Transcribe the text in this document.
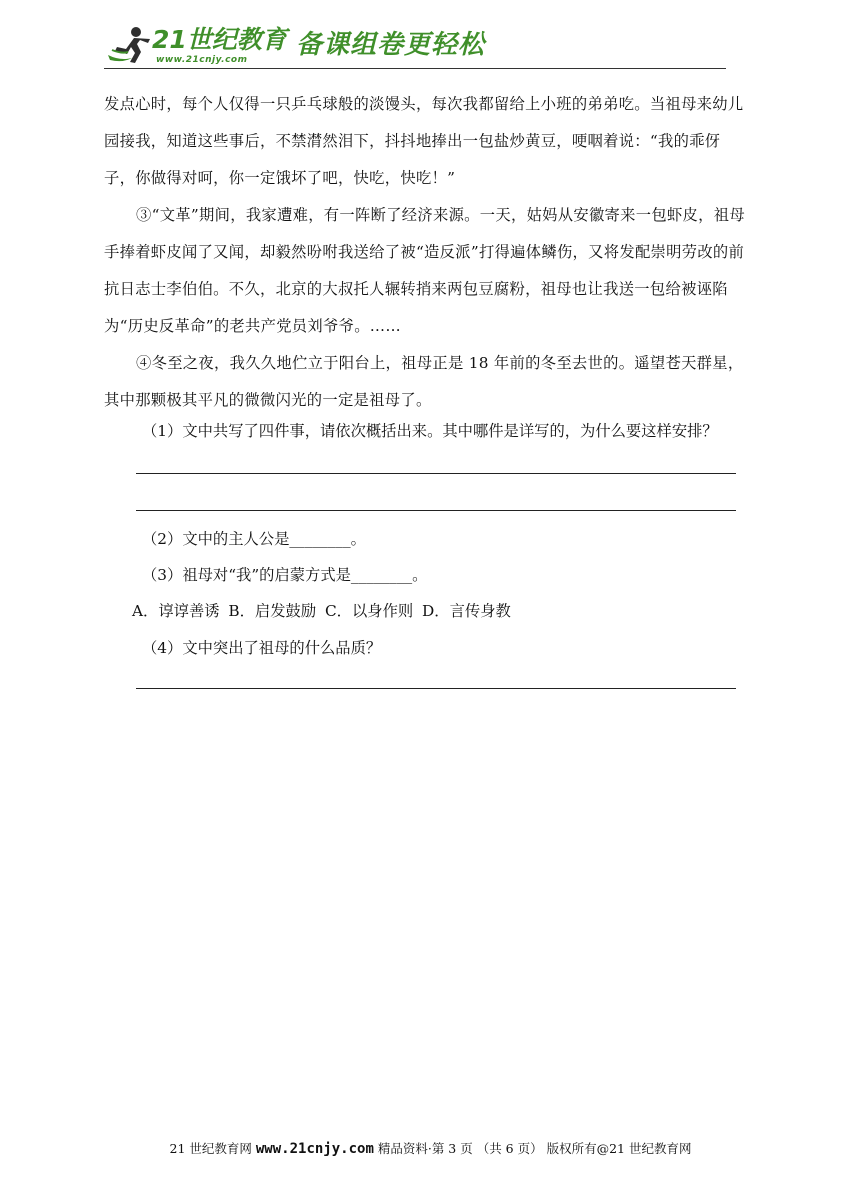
21世纪教育
www.21cnjy.com 备课组卷更轻松

发点心时，每个人仅得一只乒乓球般的淡馒头，每次我都留给上小班的弟弟吃。当祖母来幼儿园接我，知道这些事后，不禁潸然泪下，抖抖地捧出一包盐炒黄豆，哽咽着说：“我的乖伢子，你做得对呵，你一定饿坏了吧，快吃，快吃！”

③“文革”期间，我家遭难，有一阵断了经济来源。一天，姑妈从安徽寄来一包虾皮，祖母手捧着虾皮闻了又闻，却毅然吩咐我送给了被“造反派”打得遍体鳞伤，又将发配崇明劳改的前抗日志士李伯伯。不久，北京的大叔托人辗转捎来两包豆腐粉，祖母也让我送一包给被诬陷为“历史反革命”的老共产党员刘爷爷。……

④冬至之夜，我久久地伫立于阳台上，祖母正是 18 年前的冬至去世的。遥望苍天群星，其中那颗极其平凡的微微闪光的一定是祖母了。

（1）文中共写了四件事，请依次概括出来。其中哪件是详写的，为什么要这样安排？

（2）文中的主人公是________。

（3）祖母对“我”的启蒙方式是________。

A．谆谆善诱 B．启发鼓励 C．以身作则 D．言传身教

（4）文中突出了祖母的什么品质？

21 世纪教育网 www.21cnjy.com 精品资料·第 3 页 （共 6 页） 版权所有@21 世纪教育网
